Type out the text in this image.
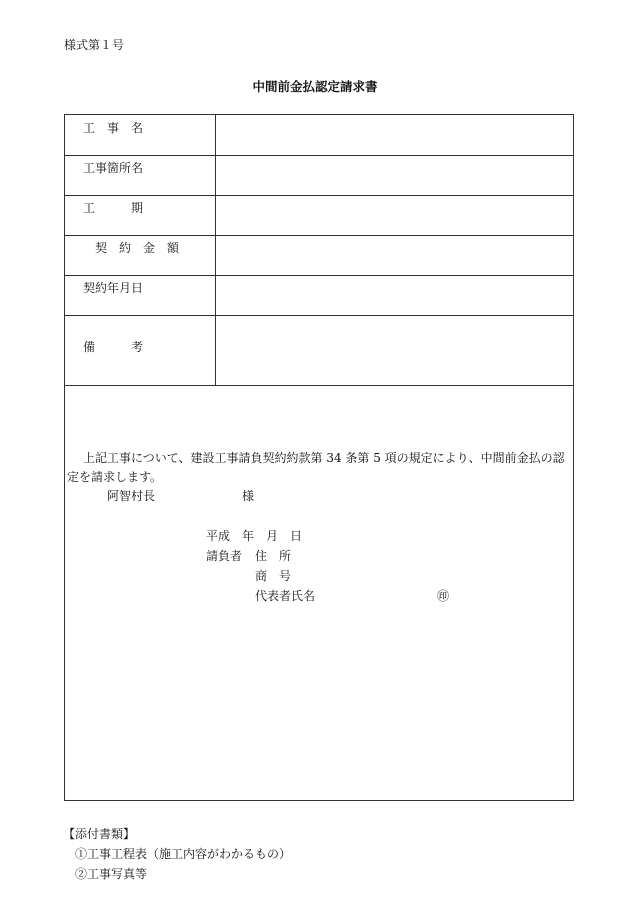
様式第１号
中間前金払認定請求書
工　事　名
工事箇所名
工　　　期
　契　約　金　額
契約年月日
備　　　考
上記工事について、建設工事請負契約約款第 34 条第 5 項の規定により、中間前金払の認
定を請求します。
阿智村長	様
平成　年　月　日
請負者 住　所
商　号
代表者氏名	㊞
【添付書類】
①工事工程表（施工内容がわかるもの）
②工事写真等
